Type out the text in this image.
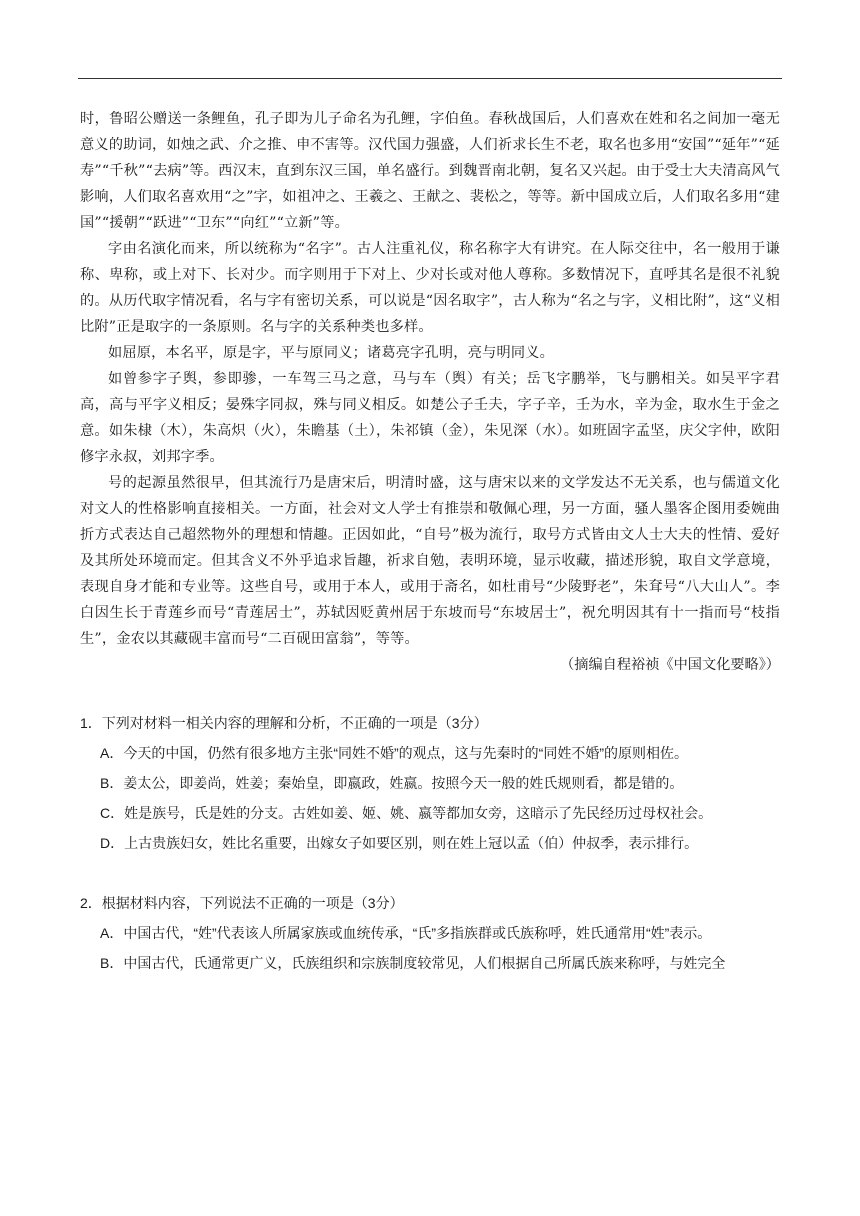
时，鲁昭公赠送一条鲤鱼，孔子即为儿子命名为孔鲤，字伯鱼。春秋战国后，人们喜欢在姓和名之间加一毫无意义的助词，如烛之武、介之推、申不害等。汉代国力强盛，人们祈求长生不老，取名也多用“安国”“延年”“延寿”“千秋”“去病”等。西汉末，直到东汉三国，单名盛行。到魏晋南北朝，复名又兴起。由于受士大夫清高风气影响，人们取名喜欢用“之”字，如祖冲之、王羲之、王献之、裴松之，等等。新中国成立后，人们取名多用“建国”“援朝”“跃进”“卫东”“向红”“立新”等。

字由名演化而来，所以统称为“名字”。古人注重礼仪，称名称字大有讲究。在人际交往中，名一般用于谦称、卑称，或上对下、长对少。而字则用于下对上、少对长或对他人尊称。多数情况下，直呼其名是很不礼貌的。从历代取字情况看，名与字有密切关系，可以说是“因名取字”，古人称为“名之与字，义相比附”，这“义相比附”正是取字的一条原则。名与字的关系种类也多样。

如屈原，本名平，原是字，平与原同义；诸葛亮字孔明，亮与明同义。

如曾参字子舆，参即骖，一车驾三马之意，马与车（舆）有关；岳飞字鹏举，飞与鹏相关。如吴平字君高，高与平字义相反；晏殊字同叔，殊与同义相反。如楚公子壬夫，字子辛，壬为水，辛为金，取水生于金之意。如朱棣（木），朱高炽（火），朱瞻基（土），朱祁镇（金），朱见深（水）。如班固字孟坚，庆父字仲，欧阳修字永叔，刘邦字季。

号的起源虽然很早，但其流行乃是唐宋后，明清时盛，这与唐宋以来的文学发达不无关系，也与儒道文化对文人的性格影响直接相关。一方面，社会对文人学士有推崇和敬佩心理，另一方面，骚人墨客企图用委婉曲折方式表达自己超然物外的理想和情趣。正因如此，“自号”极为流行，取号方式皆由文人士大夫的性情、爱好及其所处环境而定。但其含义不外乎追求旨趣，祈求自勉，表明环境，显示收藏，描述形貌，取自文学意境，表现自身才能和专业等。这些自号，或用于本人，或用于斋名，如杜甫号“少陵野老”，朱耷号“八大山人”。李白因生长于青莲乡而号“青莲居士”，苏轼因贬黄州居于东坡而号“东坡居士”，祝允明因其有十一指而号“枝指生”，金农以其藏砚丰富而号“二百砚田富翁”，等等。

（摘编自程裕祯《中国文化要略》）

1．下列对材料一相关内容的理解和分析，不正确的一项是（3分）

A．今天的中国，仍然有很多地方主张“同姓不婚”的观点，这与先秦时的“同姓不婚”的原则相佐。

B．姜太公，即姜尚，姓姜；秦始皇，即嬴政，姓嬴。按照今天一般的姓氏规则看，都是错的。

C．姓是族号，氏是姓的分支。古姓如姜、姬、姚、嬴等都加女旁，这暗示了先民经历过母权社会。

D．上古贵族妇女，姓比名重要，出嫁女子如要区别，则在姓上冠以孟（伯）仲叔季，表示排行。

2．根据材料内容，下列说法不正确的一项是（3分）

A．中国古代，“姓”代表该人所属家族或血统传承，“氏”多指族群或氏族称呼，姓氏通常用“姓”表示。

B．中国古代，氏通常更广义，氏族组织和宗族制度较常见，人们根据自己所属氏族来称呼，与姓完全
